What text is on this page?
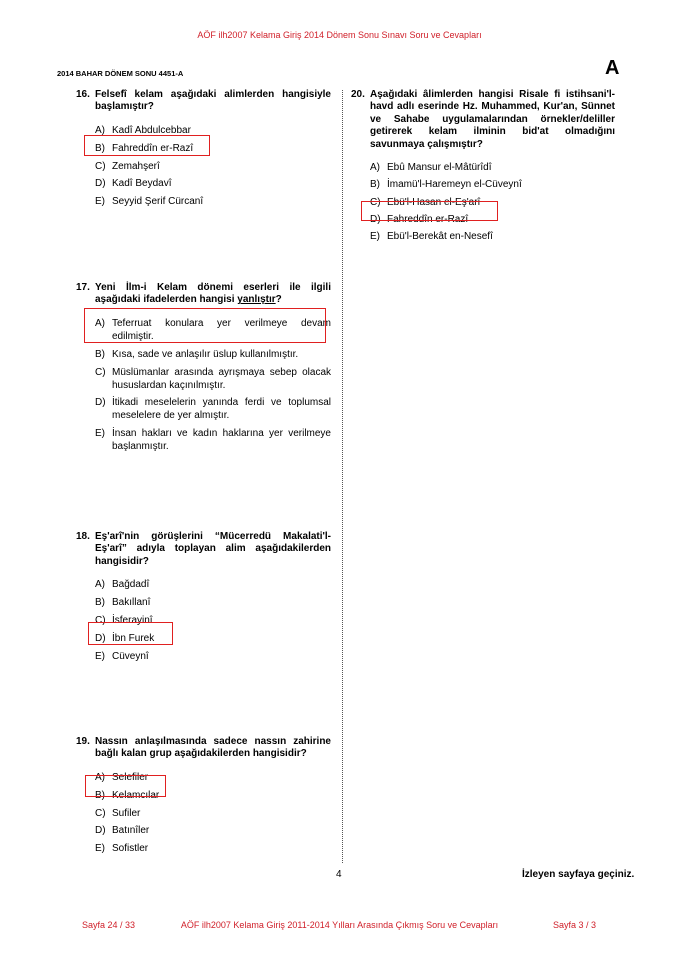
AÖF ilh2007 Kelama Giriş 2014 Dönem Sonu Sınavı Soru ve Cevapları
2014 BAHAR DÖNEM SONU 4451-A	A
16. Felsefî kelam aşağıdaki alimlerden hangisiyle başlamıştır?
A) Kadî Abdulcebbar
B) Fahreddîn er-Razî
C) Zemahşerî
D) Kadî Beydavî
E) Seyyid Şerif Cürcanî
17. Yeni İlm-i Kelam dönemi eserleri ile ilgili aşağıdaki ifadelerden hangisi yanlıştır?
A) Teferruat konulara yer verilmeye devam edilmiştir.
B) Kısa, sade ve anlaşılır üslup kullanılmıştır.
C) Müslümanlar arasında ayrışmaya sebep olacak hususlardan kaçınılmıştır.
D) İtikadi meselelerin yanında ferdi ve toplumsal meselelere de yer almıştır.
E) İnsan hakları ve kadın haklarına yer verilmeye başlanmıştır.
18. Eş'arî'nin görüşlerini “Mücerredü Makalati'l-Eş'arî” adıyla toplayan alim aşağıdakilerden hangisidir?
A) Bağdadî
B) Bakıllanî
C) İsferayinî
D) İbn Furek
E) Cüveynî
19. Nassın anlaşılmasında sadece nassın zahirine bağlı kalan grup aşağıdakilerden hangisidir?
A) Selefiler
B) Kelamcılar
C) Sufiler
D) Batınîler
E) Sofistler
20. Aşağıdaki âlimlerden hangisi Risale fi istihsani'l-havd adlı eserinde Hz. Muhammed, Kur'an, Sünnet ve Sahabe uygulamalarından örnekler/deliller getirerek kelam ilminin bid'at olmadığını savunmaya çalışmıştır?
A) Ebû Mansur el-Mâtürîdî
B) İmamü'l-Haremeyn el-Cüveynî
C) Ebü'l-Hasan el-Eş'arî
D) Fahreddîn er-Razî
E) Ebü'l-Berekât en-Nesefî
4	İzleyen sayfaya geçiniz.
Sayfa 24 / 33	AÖF ilh2007 Kelama Giriş 2011-2014 Yılları Arasında Çıkmış Soru ve Cevapları	Sayfa 3 / 3
